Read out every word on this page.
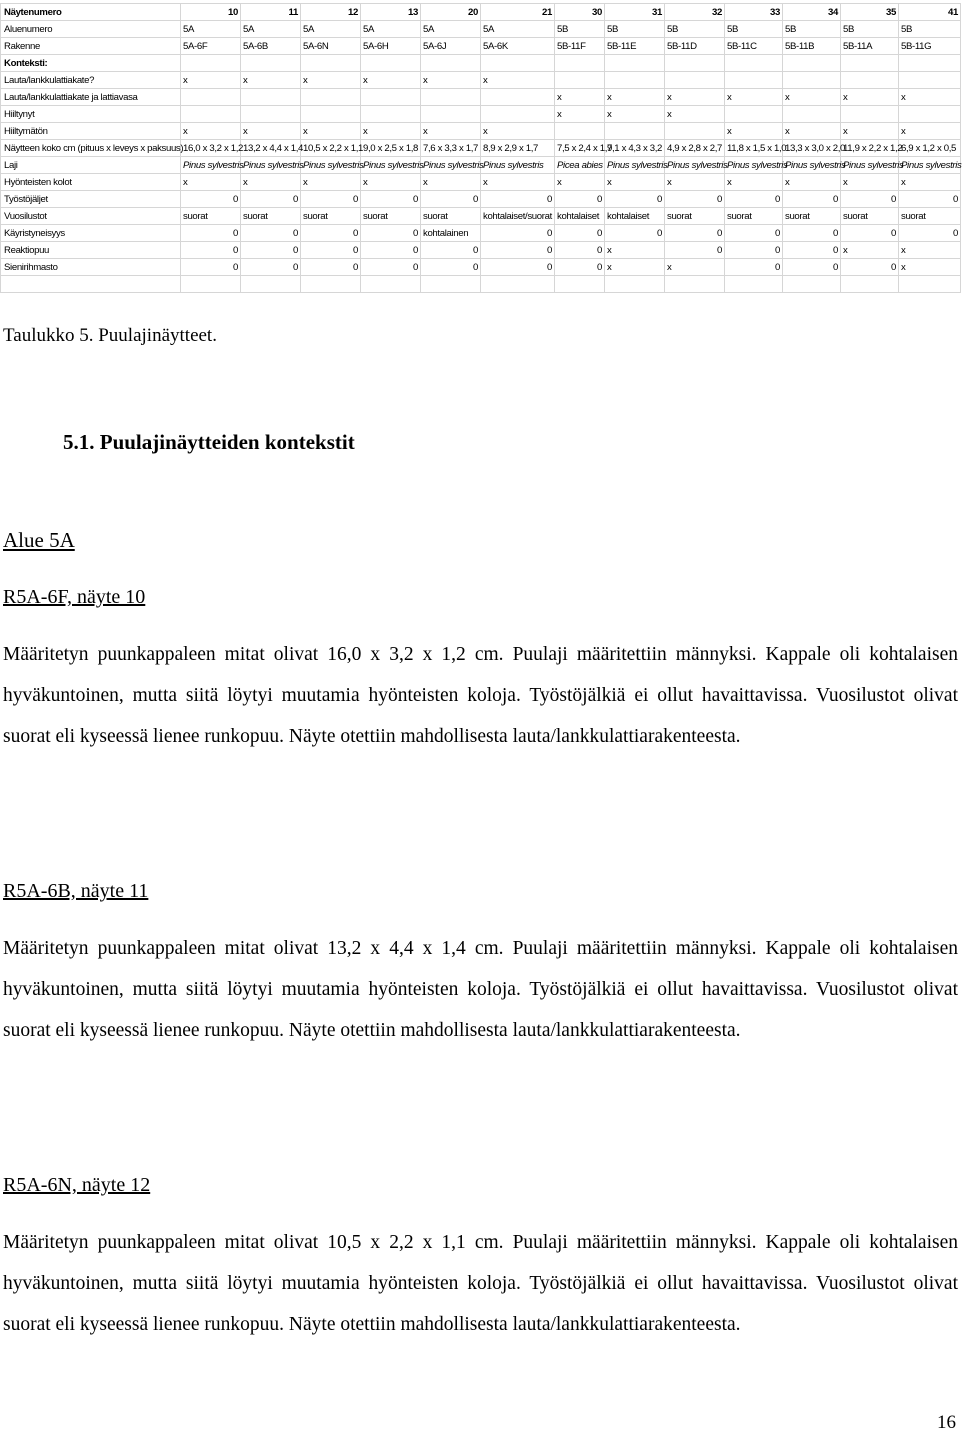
Näytenumero	10	11	12	13	20	21	30	31	32	33	34	35	41
Aluenumero	5A	5A	5A	5A	5A	5A	5B	5B	5B	5B	5B	5B	5B
Rakenne	5A-6F	5A-6B	5A-6N	5A-6H	5A-6J	5A-6K	5B-11F	5B-11E	5B-11D	5B-11C	5B-11B	5B-11A	5B-11G
Konteksti:													
Lauta/lankkulattiakate?	x	x	x	x	x	x							
Lauta/lankkulattiakate ja lattiavasa							x	x	x	x	x	x	x
Hiiltynyt							x	x	x				
Hiiltymätön	x	x	x	x	x	x				x	x	x	x
Näytteen koko cm (pituus x leveys x paksuus)	16,0 x 3,2 x 1,2	13,2 x 4,4 x 1,4	10,5 x 2,2 x 1,1	9,0 x 2,5 x 1,8	7,6 x 3,3 x 1,7	8,9 x 2,9 x 1,7	7,5 x 2,4 x 1,9	7,1 x 4,3 x 3,2	4,9 x 2,8 x 2,7	11,8 x 1,5 x 1,0	13,3 x 3,0 x 2,0	11,9 x 2,2 x 1,2	6,9 x 1,2 x 0,5
Laji	Pinus sylvestris	Pinus sylvestris	Pinus sylvestris	Pinus sylvestris	Pinus sylvestris	Pinus sylvestris	Picea abies	Pinus sylvestris	Pinus sylvestris	Pinus sylvestris	Pinus sylvestris	Pinus sylvestris	Pinus sylvestris
Hyönteisten kolot	x	x	x	x	x	x	x	x	x	x	x	x	x
Työstöjäljet	0	0	0	0	0	0	0	0	0	0	0	0	0
Vuosilustot	suorat	suorat	suorat	suorat	suorat	kohtalaiset/suorat	kohtalaiset	kohtalaiset	suorat	suorat	suorat	suorat	suorat
Käyristyneisyys	0	0	0	0	kohtalainen	0	0	0	0	0	0	0	0
Reaktiopuu	0	0	0	0	0	0	0	x	0	0	0	x	x
Sienirihmasto	0	0	0	0	0	0	0	x	x	0	0	0	x

Taulukko 5. Puulajinäytteet.
5.1. Puulajinäytteiden kontekstit
Alue 5A
R5A-6F, näyte 10
Määritetyn puunkappaleen mitat olivat 16,0 x 3,2 x 1,2 cm. Puulaji määritettiin männyksi. Kappale oli kohtalaisen hyväkuntoinen, mutta siitä löytyi muutamia hyönteisten koloja. Työstöjälkiä ei ollut havaittavissa. Vuosilustot olivat suorat eli kyseessä lienee runkopuu. Näyte otettiin mahdollisesta lauta/lankkulattiarakenteesta.
R5A-6B, näyte 11
Määritetyn puunkappaleen mitat olivat 13,2 x 4,4 x 1,4 cm. Puulaji määritettiin männyksi. Kappale oli kohtalaisen hyväkuntoinen, mutta siitä löytyi muutamia hyönteisten koloja. Työstöjälkiä ei ollut havaittavissa. Vuosilustot olivat suorat eli kyseessä lienee runkopuu. Näyte otettiin mahdollisesta lauta/lankkulattiarakenteesta.
R5A-6N, näyte 12
Määritetyn puunkappaleen mitat olivat 10,5 x 2,2 x 1,1 cm. Puulaji määritettiin männyksi. Kappale oli kohtalaisen hyväkuntoinen, mutta siitä löytyi muutamia hyönteisten koloja. Työstöjälkiä ei ollut havaittavissa. Vuosilustot olivat suorat eli kyseessä lienee runkopuu. Näyte otettiin mahdollisesta lauta/lankkulattiarakenteesta.
16
